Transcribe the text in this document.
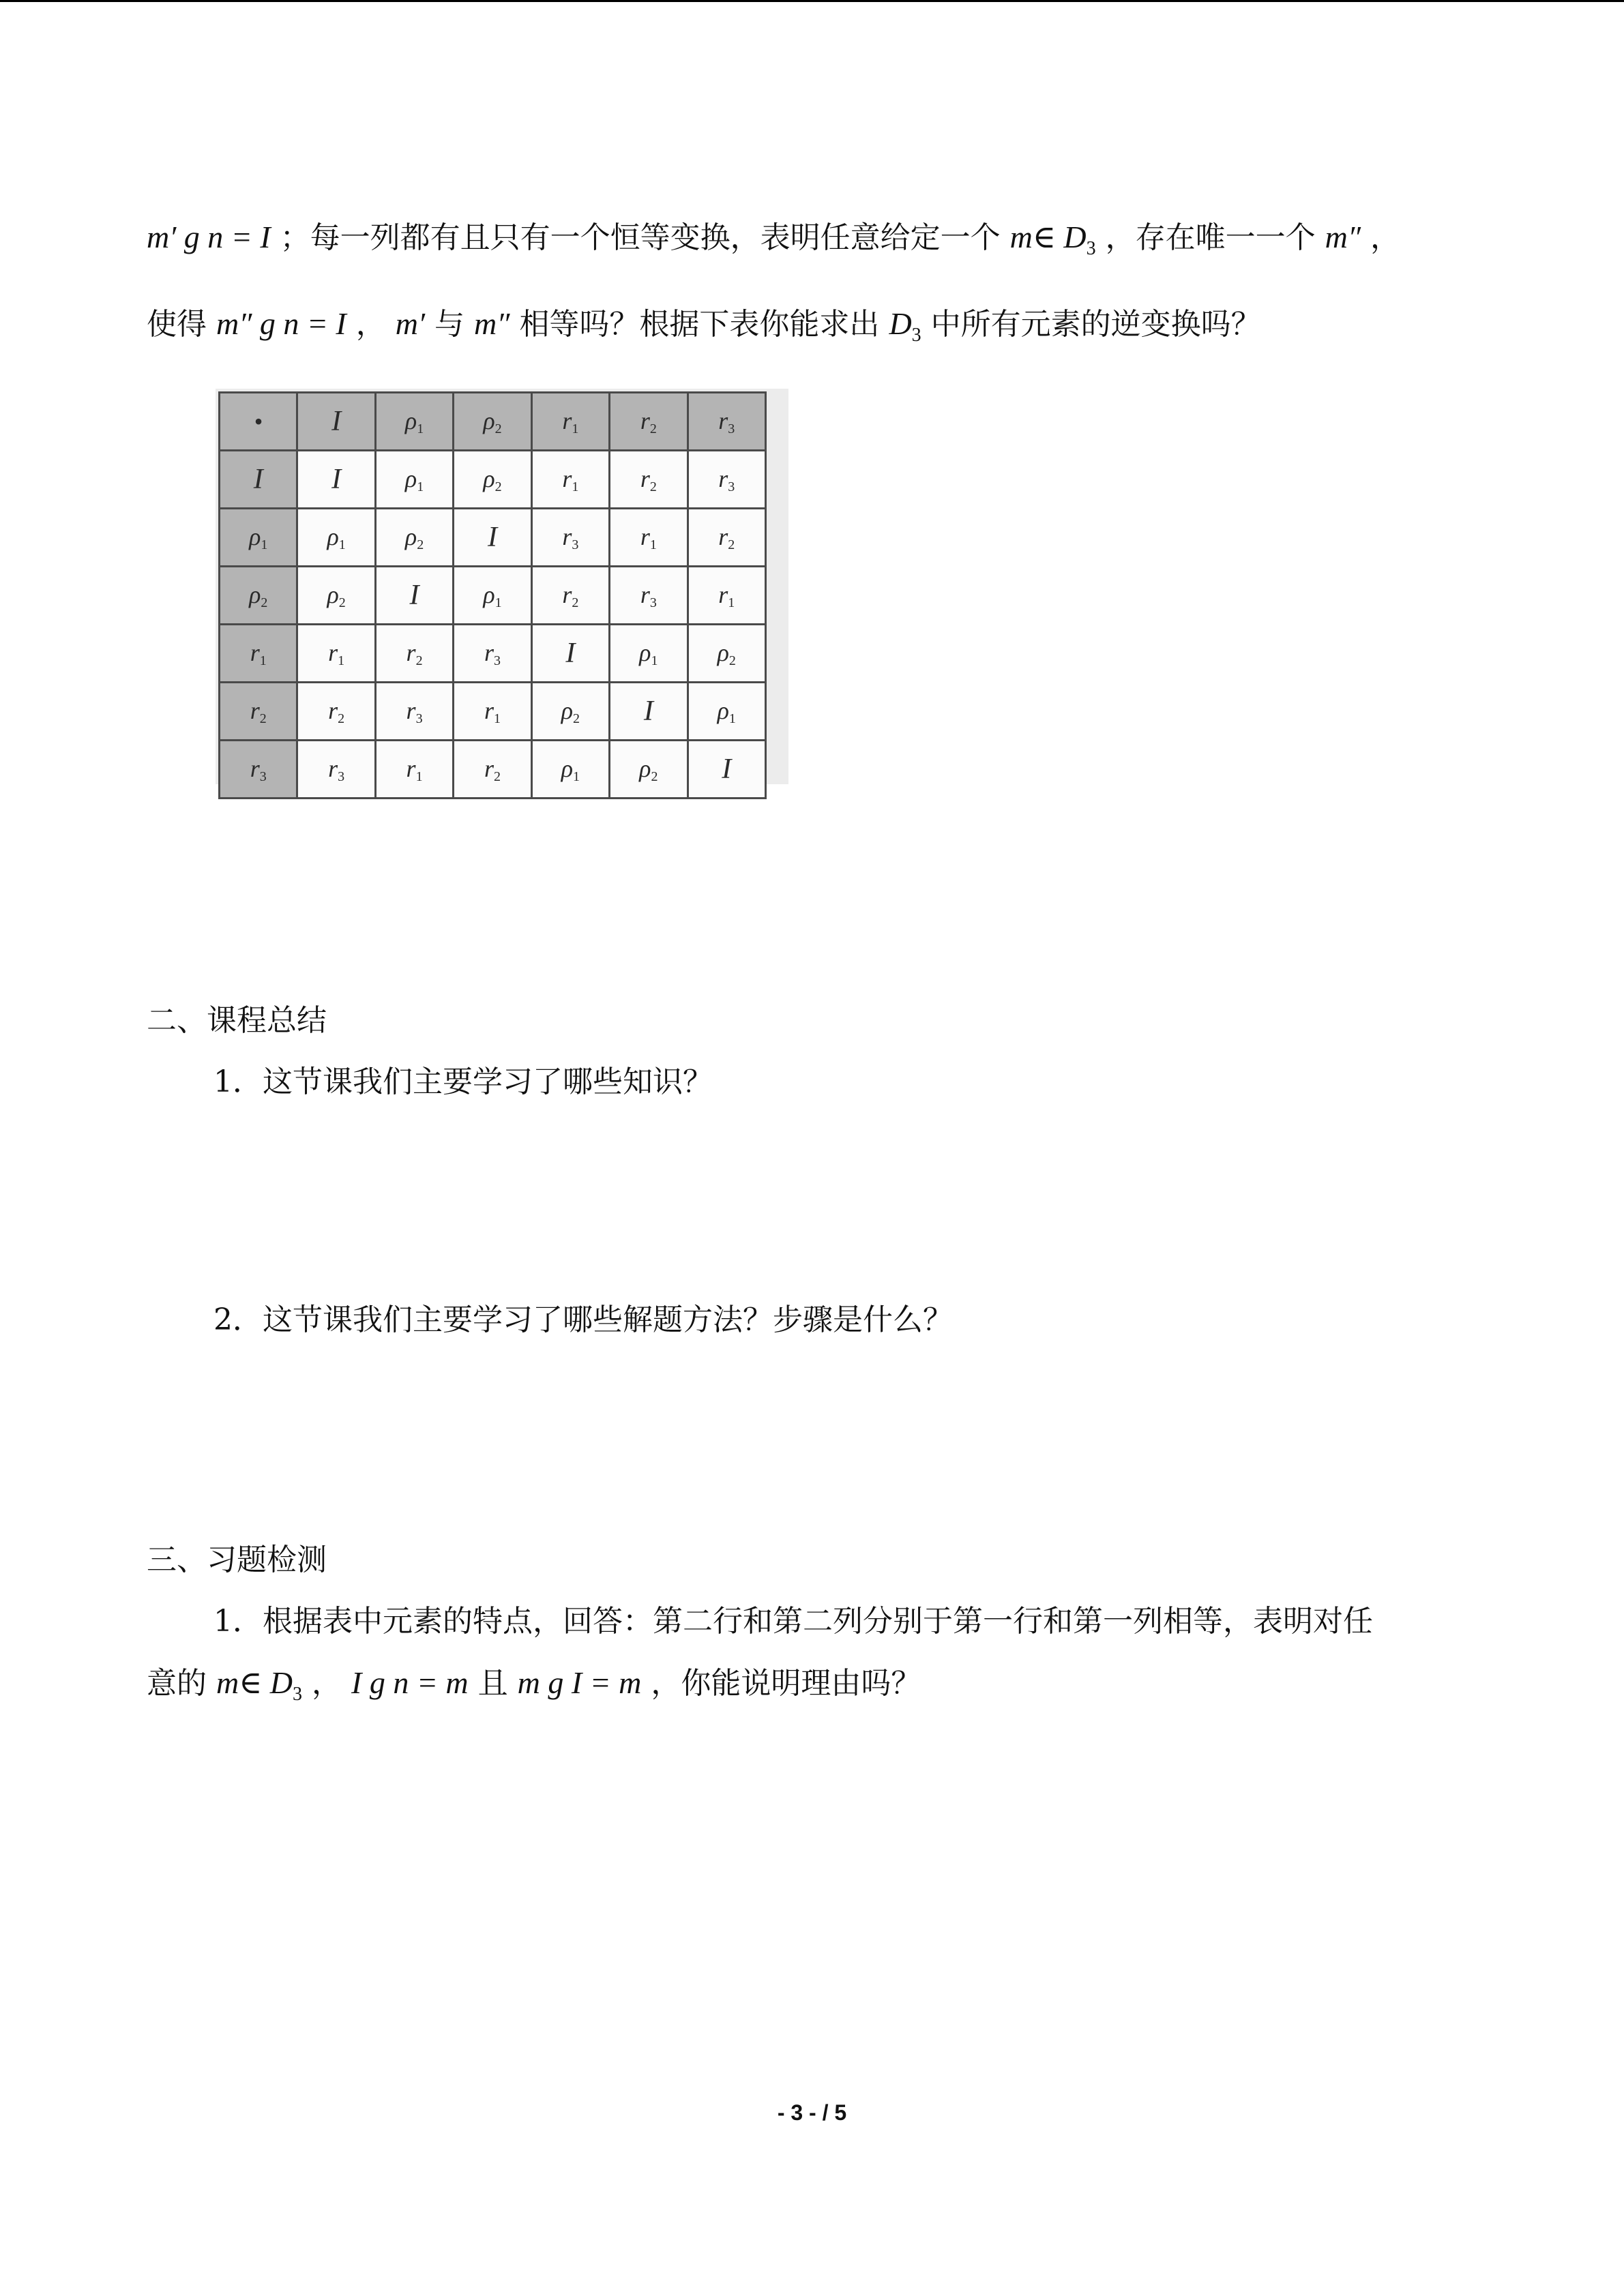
m′ g n = I ；每一列都有且只有一个恒等变换，表明任意给定一个 m∈ $D_3$ ，存在唯一一个 m″ ，
使得 m″ g n = I ， m′ 与 m″ 相等吗？根据下表你能求出 $D_3$ 中所有元素的逆变换吗？
•	I	$\rho_1$	$\rho_2$	$r_1$	$r_2$	$r_3$
I	I	$\rho_1$	$\rho_2$	$r_1$	$r_2$	$r_3$
$\rho_1$	$\rho_1$	$\rho_2$	I	$r_3$	$r_1$	$r_2$
$\rho_2$	$\rho_2$	I	$\rho_1$	$r_2$	$r_3$	$r_1$
$r_1$	$r_1$	$r_2$	$r_3$	I	$\rho_1$	$\rho_2$
$r_2$	$r_2$	$r_3$	$r_1$	$\rho_2$	I	$\rho_1$
$r_3$	$r_3$	$r_1$	$r_2$	$\rho_1$	$\rho_2$	I
二、课程总结
1．这节课我们主要学习了哪些知识？
2．这节课我们主要学习了哪些解题方法？步骤是什么？
三、习题检测
1．根据表中元素的特点，回答：第二行和第二列分别于第一行和第一列相等，表明对任
意的 m∈ $D_3$ ， I g n = m 且 m g I = m ，你能说明理由吗？
- 3 - / 5
